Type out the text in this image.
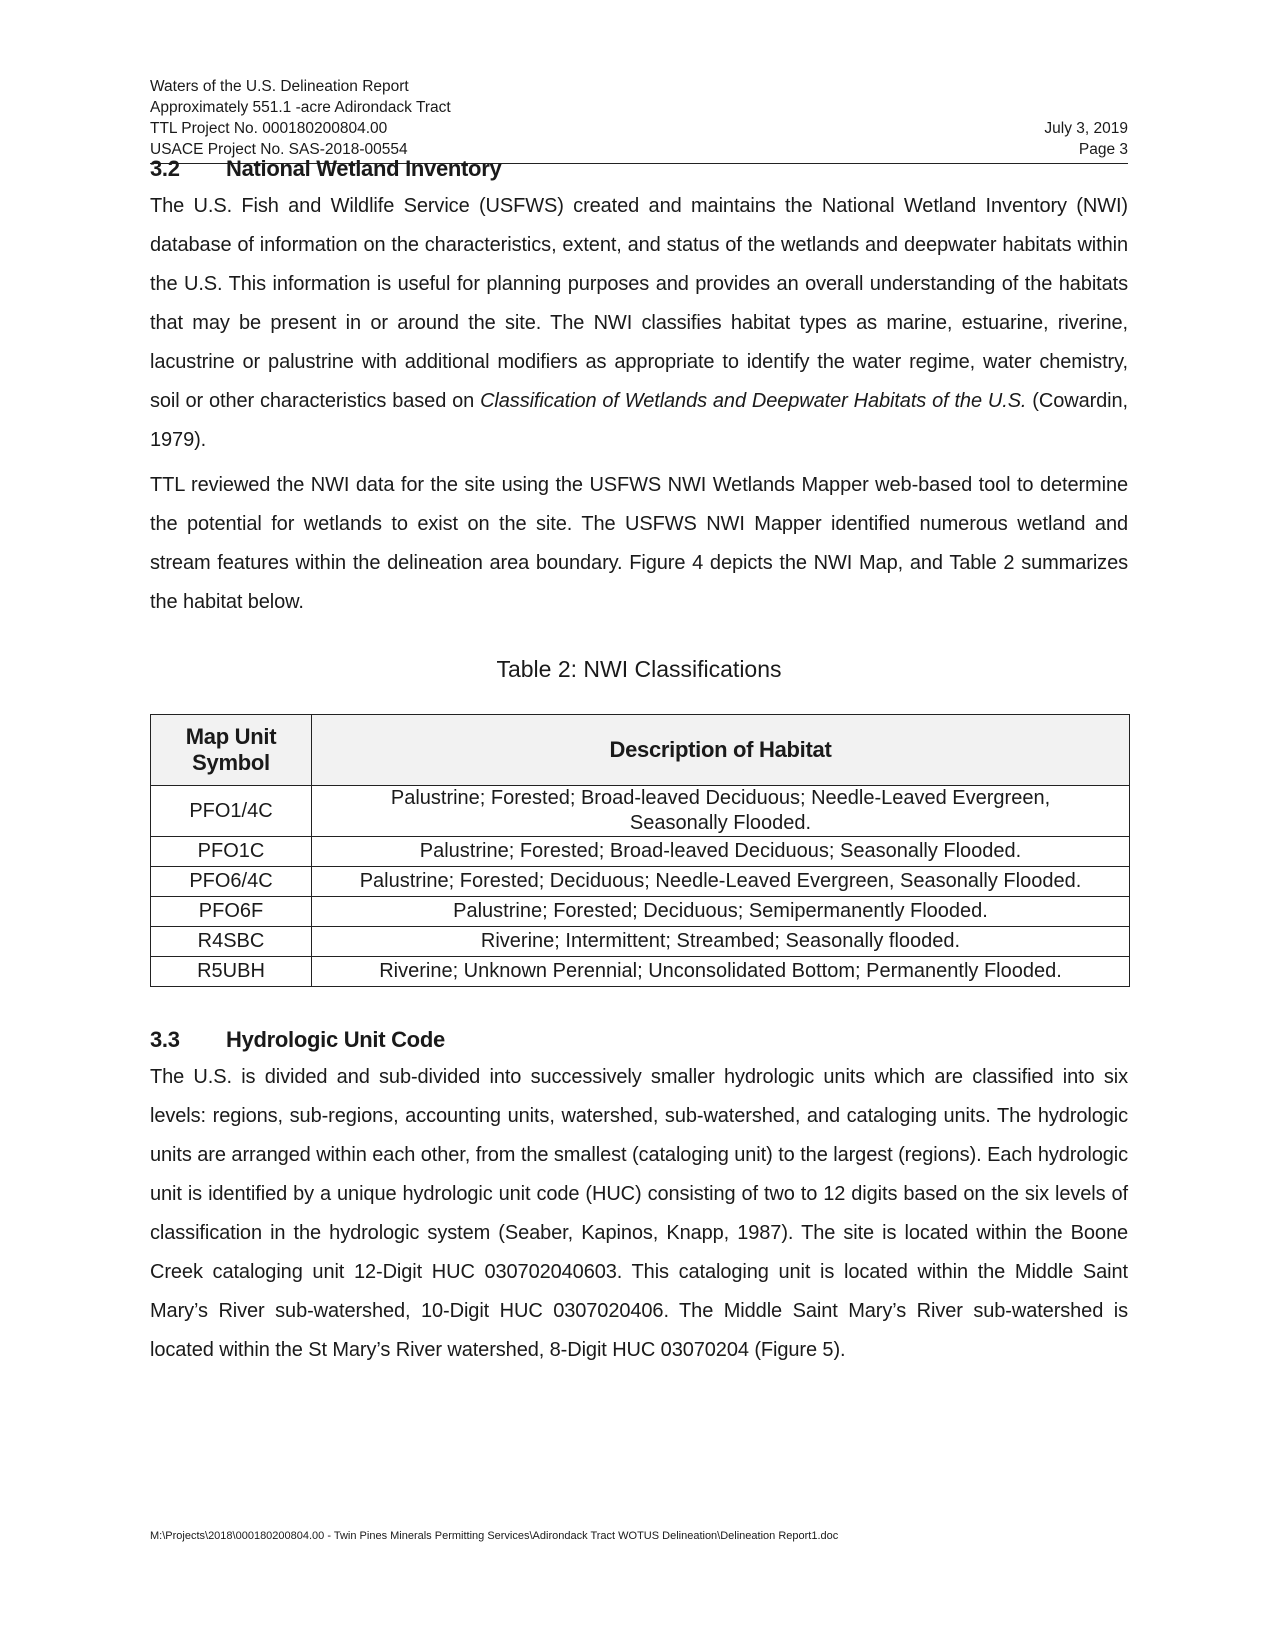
Waters of the U.S. Delineation Report
Approximately 551.1 -acre Adirondack Tract
TTL Project No. 000180200804.00
USACE Project No. SAS-2018-00554
July 3, 2019
Page 3
3.2 National Wetland Inventory

The U.S. Fish and Wildlife Service (USFWS) created and maintains the National Wetland Inventory (NWI) database of information on the characteristics, extent, and status of the wetlands and deepwater habitats within the U.S. This information is useful for planning purposes and provides an overall understanding of the habitats that may be present in or around the site. The NWI classifies habitat types as marine, estuarine, riverine, lacustrine or palustrine with additional modifiers as appropriate to identify the water regime, water chemistry, soil or other characteristics based on Classification of Wetlands and Deepwater Habitats of the U.S. (Cowardin, 1979).

TTL reviewed the NWI data for the site using the USFWS NWI Wetlands Mapper web-based tool to determine the potential for wetlands to exist on the site. The USFWS NWI Mapper identified numerous wetland and stream features within the delineation area boundary. Figure 4 depicts the NWI Map, and Table 2 summarizes the habitat below.

Table 2: NWI Classifications
Map Unit
Symbol	Description of Habitat
PFO1/4C	Palustrine; Forested; Broad-leaved Deciduous; Needle-Leaved Evergreen,
Seasonally Flooded.
PFO1C	Palustrine; Forested; Broad-leaved Deciduous; Seasonally Flooded.
PFO6/4C	Palustrine; Forested; Deciduous; Needle-Leaved Evergreen, Seasonally Flooded.
PFO6F	Palustrine; Forested; Deciduous; Semipermanently Flooded.
R4SBC	Riverine; Intermittent; Streambed; Seasonally flooded.
R5UBH	Riverine; Unknown Perennial; Unconsolidated Bottom; Permanently Flooded.
3.3 Hydrologic Unit Code

The U.S. is divided and sub-divided into successively smaller hydrologic units which are classified into six levels: regions, sub-regions, accounting units, watershed, sub-watershed, and cataloging units. The hydrologic units are arranged within each other, from the smallest (cataloging unit) to the largest (regions). Each hydrologic unit is identified by a unique hydrologic unit code (HUC) consisting of two to 12 digits based on the six levels of classification in the hydrologic system (Seaber, Kapinos, Knapp, 1987). The site is located within the Boone Creek cataloging unit 12-Digit HUC 030702040603. This cataloging unit is located within the Middle Saint Mary’s River sub-watershed, 10-Digit HUC 0307020406. The Middle Saint Mary’s River sub-watershed is located within the St Mary’s River watershed, 8-Digit HUC 03070204 (Figure 5).

M:\Projects\2018\000180200804.00 - Twin Pines Minerals Permitting Services\Adirondack Tract WOTUS Delineation\Delineation Report1.doc
